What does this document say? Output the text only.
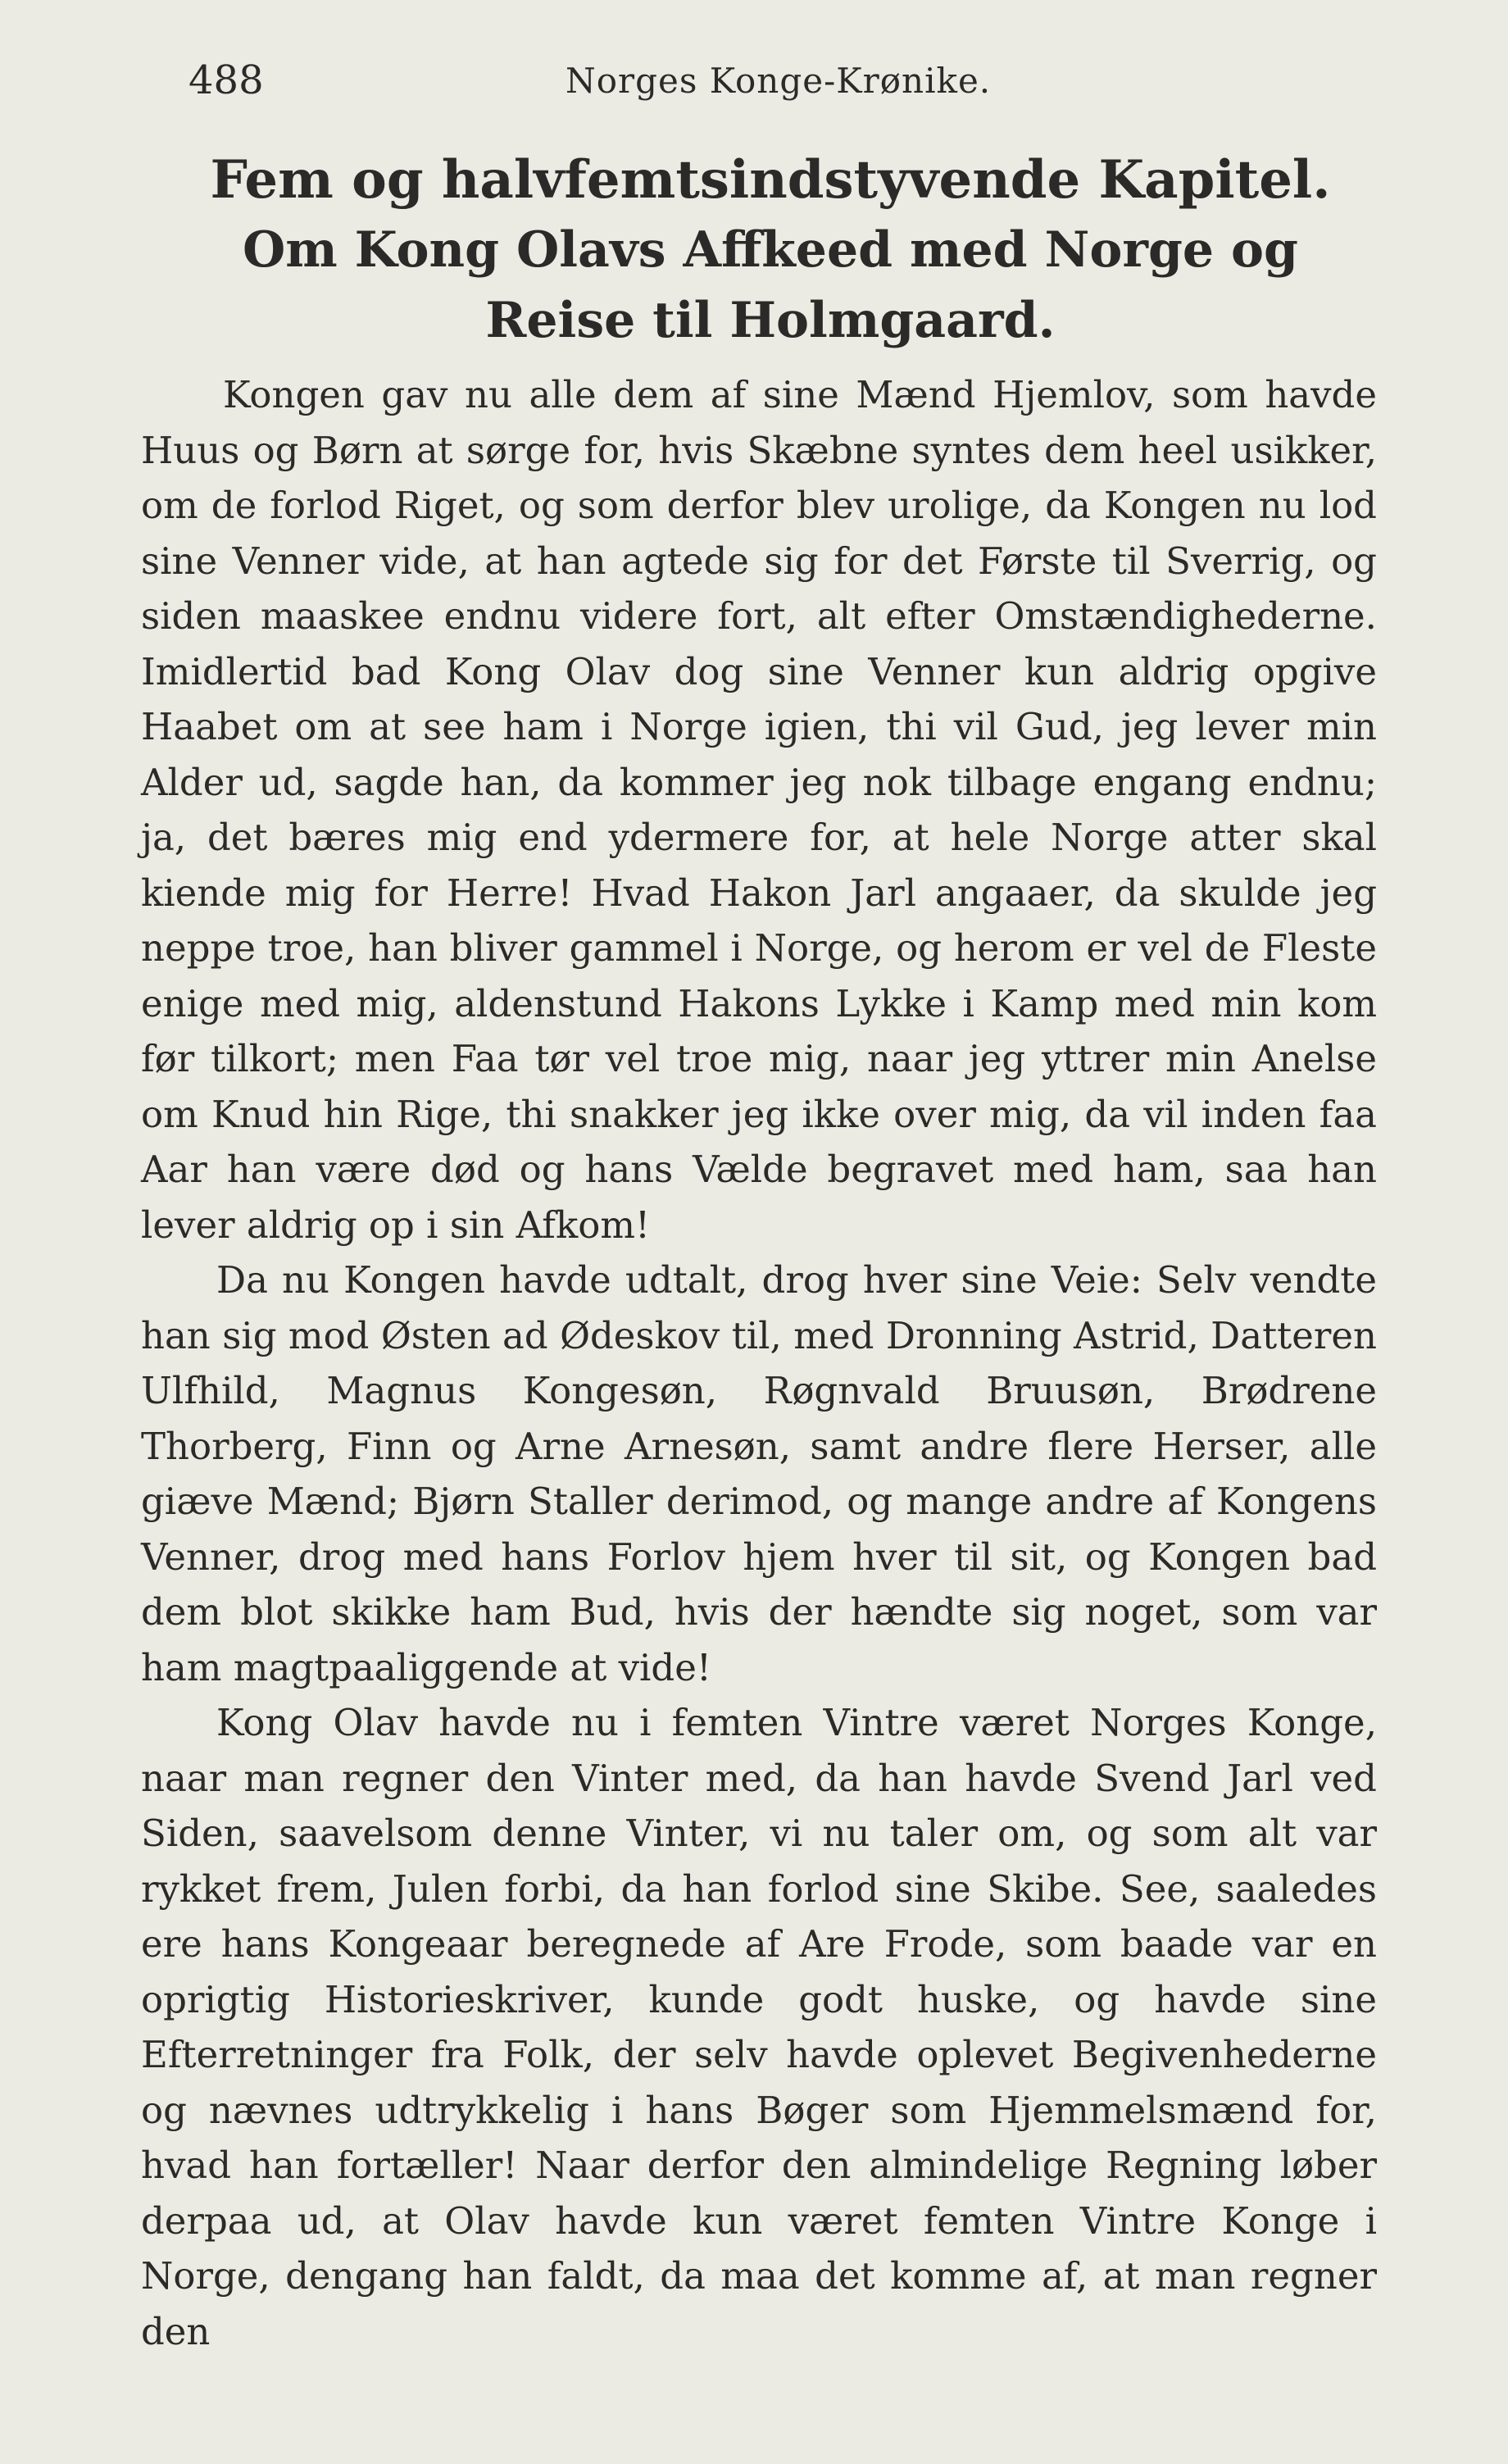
488	Norges Konge-Krønike.
Fem og halvfemtsindstyvende Kapitel.
Om Kong Olavs Affkeed med Norge og Reise til Holmgaard.

Kongen gav nu alle dem af sine Mænd Hjemlov, som havde Huus og Børn at sørge for, hvis Skæbne syntes dem heel usikker, om de forlod Riget, og som derfor blev urolige, da Kongen nu lod sine Venner vide, at han agtede sig for det Første til Sverrig, og siden maaskee endnu videre fort, alt efter Omstændighederne. Imidlertid bad Kong Olav dog sine Venner kun aldrig opgive Haabet om at see ham i Norge igien, thi vil Gud, jeg lever min Alder ud, sagde han, da kommer jeg nok tilbage engang endnu; ja, det bæres mig end ydermere for, at hele Norge atter skal kiende mig for Herre! Hvad Hakon Jarl angaaer, da skulde jeg neppe troe, han bliver gammel i Norge, og herom er vel de Fleste enige med mig, aldenstund Hakons Lykke i Kamp med min kom før tilkort; men Faa tør vel troe mig, naar jeg yttrer min Anelse om Knud hin Rige, thi snakker jeg ikke over mig, da vil inden faa Aar han være død og hans Vælde begravet med ham, saa han lever aldrig op i sin Afkom!

Da nu Kongen havde udtalt, drog hver sine Veie: Selv vendte han sig mod Østen ad Ødeskov til, med Dronning Astrid, Datteren Ulfhild, Magnus Kongesøn, Røgnvald Bruusøn, Brødrene Thorberg, Finn og Arne Arnesøn, samt andre flere Herser, alle giæve Mænd; Bjørn Staller derimod, og mange andre af Kongens Venner, drog med hans Forlov hjem hver til sit, og Kongen bad dem blot skikke ham Bud, hvis der hændte sig noget, som var ham magtpaaliggende at vide!

Kong Olav havde nu i femten Vintre været Norges Konge, naar man regner den Vinter med, da han havde Svend Jarl ved Siden, saavelsom denne Vinter, vi nu taler om, og som alt var rykket frem, Julen forbi, da han forlod sine Skibe. See, saaledes ere hans Kongeaar beregnede af Are Frode, som baade var en oprigtig Historieskriver, kunde godt huske, og havde sine Efterretninger fra Folk, der selv havde oplevet Begivenhederne og nævnes udtrykkelig i hans Bøger som Hjemmelsmænd for, hvad han fortæller! Naar derfor den almindelige Regning løber derpaa ud, at Olav havde kun været femten Vintre Konge i Norge, dengang han faldt, da maa det komme af, at man regner den
